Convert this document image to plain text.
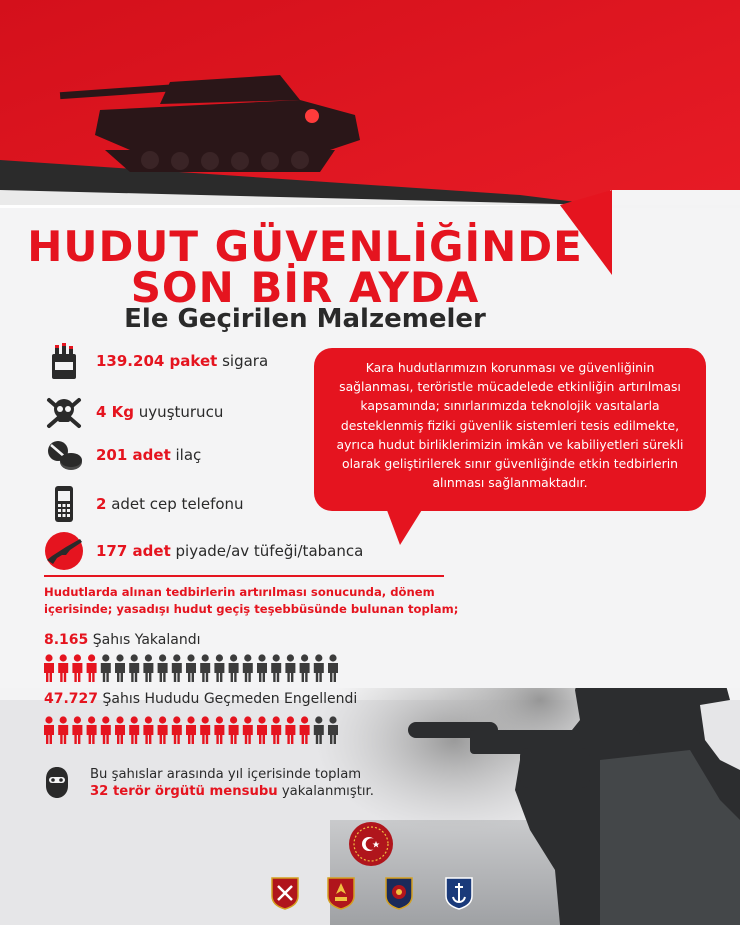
HUDUT GÜVENLİĞİNDE
SON BİR AYDA
Ele Geçirilen Malzemeler
139.204 paket sigara
4 Kg uyuşturucu
201 adet ilaç
2 adet cep telefonu
177 adet piyade/av tüfeği/tabanca
Kara hudutlarımızın korunması ve güvenliğinin sağlanması, teröristle mücadelede etkinliğin artırılması kapsamında; sınırlarımızda teknolojik vasıtalarla desteklenmiş fiziki güvenlik sistemleri tesis edilmekte, ayrıca hudut birliklerimizin imkân ve kabiliyetleri sürekli olarak geliştirilerek sınır güvenliğinde etkin tedbirlerin alınması sağlanmaktadır.
Hudutlarda alınan tedbirlerin artırılması sonucunda, dönem içerisinde; yasadışı hudut geçiş teşebbüsünde bulunan toplam;
8.165 Şahıs Yakalandı
47.727 Şahıs Hududu Geçmeden Engellendi
Bu şahıslar arasında yıl içerisinde toplam
32 terör örgütü mensubu yakalanmıştır.
